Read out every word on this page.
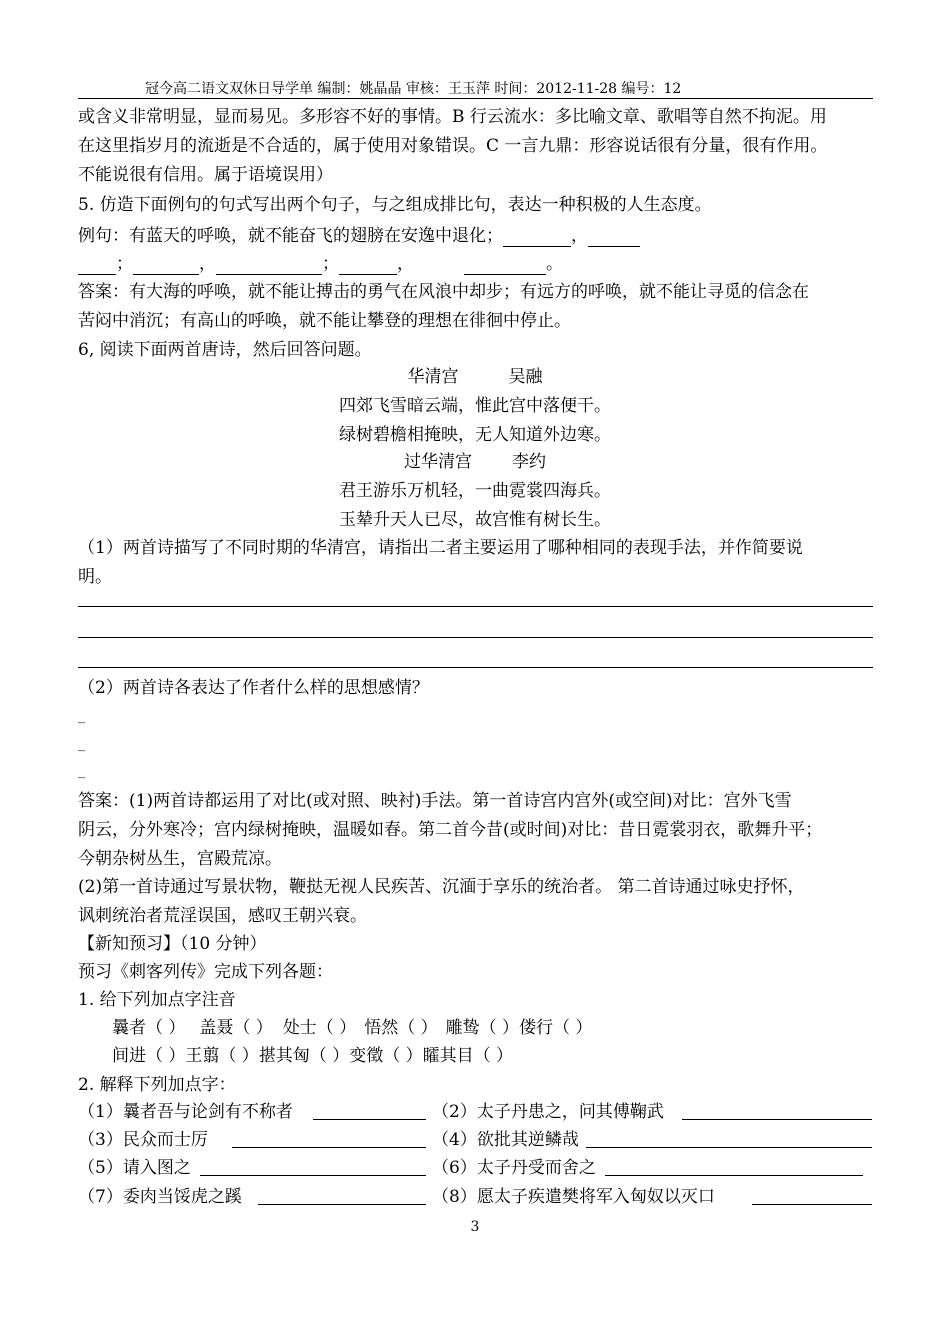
冠今高二语文双休日导学单 编制：姚晶晶 审核：王玉萍 时间：2012-11-28 编号：12
或含义非常明显，显而易见。多形容不好的事情。B 行云流水：多比喻文章、歌唱等自然不拘泥。用
在这里指岁月的流逝是不合适的，属于使用对象错误。C 一言九鼎：形容说话很有分量，很有作用。
不能说很有信用。属于语境误用）
5. 仿造下面例句的句式写出两个句子，与之组成排比句，表达一种积极的人生态度。
例句：有蓝天的呼唤，就不能奋飞的翅膀在安逸中退化；	，
；	，	；	，	。
答案：有大海的呼唤，就不能让搏击的勇气在风浪中却步；有远方的呼唤，就不能让寻觅的信念在
苦闷中消沉；有高山的呼唤，就不能让攀登的理想在徘徊中停止。
6, 阅读下面两首唐诗，然后回答问题。
华清宫	吴融
四郊飞雪暗云端，惟此宫中落便干。
绿树碧檐相掩映，无人知道外边寒。
过华清宫 李约
君王游乐万机轻，一曲霓裳四海兵。
玉辇升天人已尽，故宫惟有树长生。
（1）两首诗描写了不同时期的华清宫，请指出二者主要运用了哪种相同的表现手法，并作简要说
明。
（2）两首诗各表达了作者什么样的思想感情？
_
_
_
答案：(1)两首诗都运用了对比(或对照、映衬)手法。第一首诗宫内宫外(或空间)对比：宫外飞雪
阴云，分外寒冷；宫内绿树掩映，温暖如春。第二首今昔(或时间)对比：昔日霓裳羽衣，歌舞升平；
今朝杂树丛生，宫殿荒凉。
(2)第一首诗通过写景状物，鞭挞无视人民疾苦、沉湎于享乐的统治者。 第二首诗通过咏史抒怀，
讽刺统治者荒淫误国，感叹王朝兴衰。
【新知预习】（10 分钟）
预习《刺客列传》完成下列各题：
1. 给下列加点字注音
曩者（ ） 盖聂（ ） 处士（ ） 悟然（ ） 雕鸷（ ）偻行（ ）
间进（ ）王翦（ ）揕其匈（ ）变徵（ ）矐其目（ ）
2. 解释下列加点字：
（1）曩者吾与论剑有不称者	（2）太子丹患之，问其傅鞠武
（3）民众而士厉	（4）欲批其逆鳞哉
（5）请入图之	（6）太子丹受而舍之
（7）委肉当馁虎之蹊	（8）愿太子疾遣樊将军入匈奴以灭口
3
